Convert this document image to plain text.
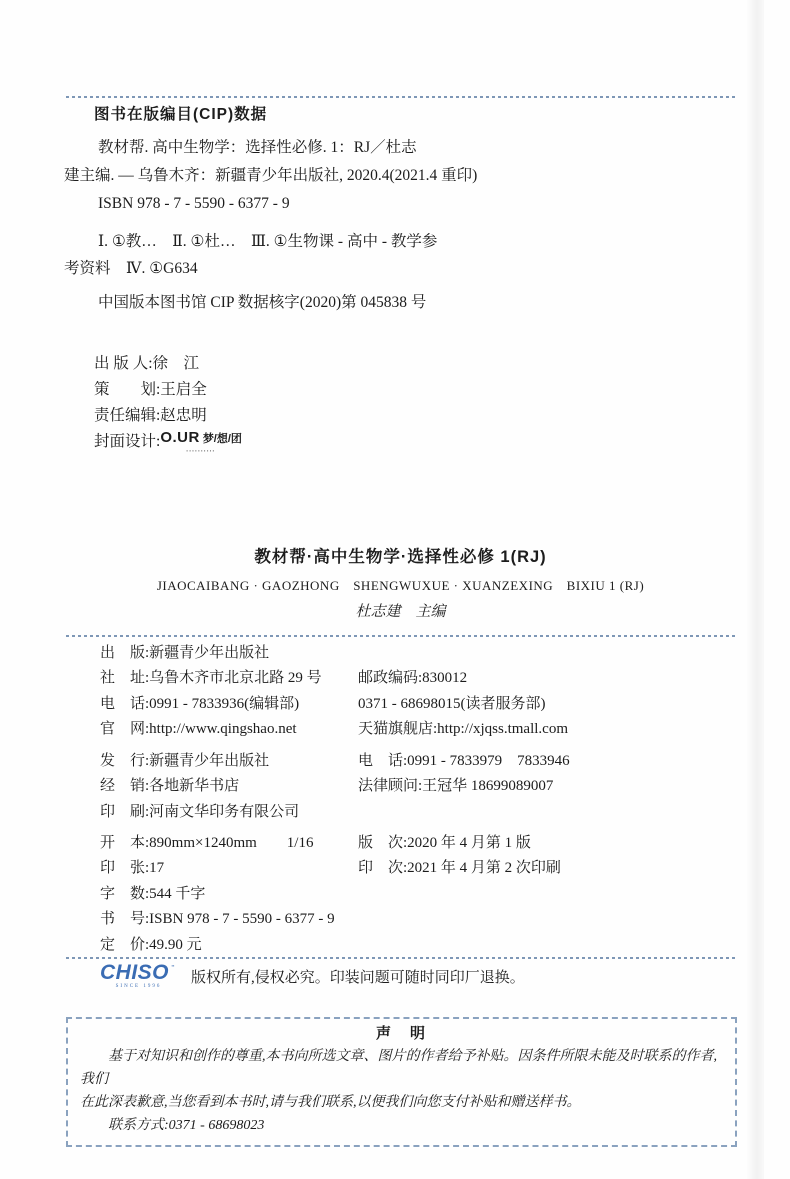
图书在版编目(CIP)数据
教材帮. 高中生物学：选择性必修. 1：RJ／杜志
建主编. — 乌鲁木齐：新疆青少年出版社, 2020.4(2021.4 重印)
ISBN 978 - 7 - 5590 - 6377 - 9
Ⅰ. ①教…　Ⅱ. ①杜…　Ⅲ. ①生物课 - 高中 - 教学参
考资料　Ⅳ. ①G634
中国版本图书馆 CIP 数据核字(2020)第 045838 号
出 版 人:徐　江
策　　划:王启全
责任编辑:赵忠明
封面设计: O.UR 梦/想/团
▪▪▪▪▪▪▪▪▪▪
教材帮·高中生物学·选择性必修 1(RJ)
JIAOCAIBANG · GAOZHONG　SHENGWUXUE · XUANZEXING　BIXIU 1 (RJ)
杜志建　主编
出　版:新疆青少年出版社
社　址:乌鲁木齐市北京北路 29 号 邮政编码:830012
电　话:0991 - 7833936(编辑部)	0371 - 68698015(读者服务部)
官　网:http://www.qingshao.net	天猫旗舰店:http://xjqss.tmall.com
发　行:新疆青少年出版社	电　话:0991 - 7833979　7833946
经　销:各地新华书店	法律顾问:王冠华 18699089007
印　刷:河南文华印务有限公司
开　本:890mm×1240mm　　1/16	版　次:2020 年 4 月第 1 版
印　张:17	印　次:2021 年 4 月第 2 次印刷
字　数:544 千字
书　号:ISBN 978 - 7 - 5590 - 6377 - 9
定　价:49.90 元
CHISO ▪▪
SINCE 1996
版权所有,侵权必究。印装问题可随时同印厂退换。
声　明
基于对知识和创作的尊重,本书向所选文章、图片的作者给予补贴。因条件所限未能及时联系的作者,我们
在此深表歉意,当您看到本书时,请与我们联系,以便我们向您支付补贴和赠送样书。
联系方式:0371 - 68698023
